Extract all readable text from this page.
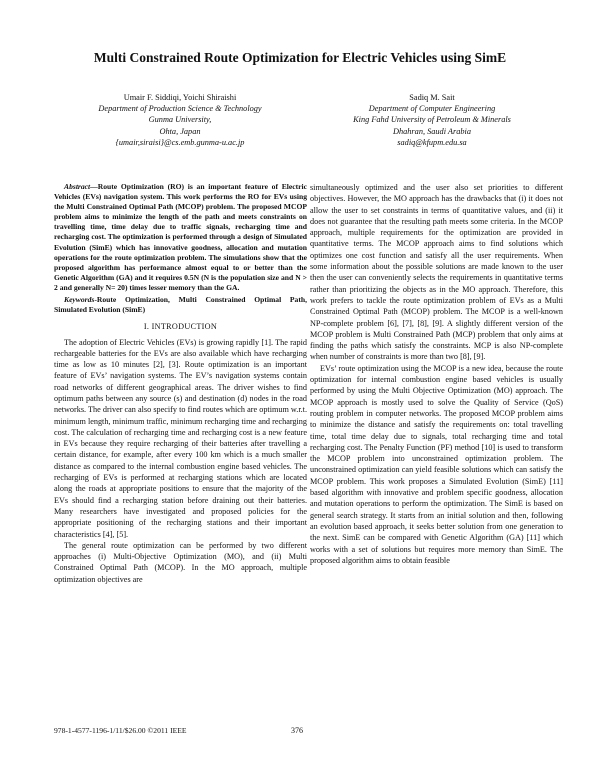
Multi Constrained Route Optimization for Electric Vehicles using SimE
Umair F. Siddiqi, Yoichi Shiraishi
Department of Production Science & Technology
Gunma University,
Ohta, Japan
{umair,siraisi}@cs.emb.gunma-u.ac.jp
Sadiq M. Sait
Department of Computer Engineering
King Fahd University of Petroleum & Minerals
Dhahran, Saudi Arabia
sadiq@kfupm.edu.sa

Abstract—Route Optimization (RO) is an important feature of Electric Vehicles (EVs) navigation system. This work performs the RO for EVs using the Multi Constrained Optimal Path (MCOP) problem. The proposed MCOP problem aims to minimize the length of the path and meets constraints on travelling time, time delay due to traffic signals, recharging time and recharging cost. The optimization is performed through a design of Simulated Evolution (SimE) which has innovative goodness, allocation and mutation operations for the route optimization problem. The simulations show that the proposed algorithm has performance almost equal to or better than the Genetic Algorithm (GA) and it requires 0.5N (N is the population size and N > 2 and generally N= 20) times lesser memory than the GA.

Keywords-Route Optimization, Multi Constrained Optimal Path, Simulated Evolution (SimE)

I. INTRODUCTION

The adoption of Electric Vehicles (EVs) is growing rapidly [1]. The rapid rechargeable batteries for the EVs are also available which have recharging time as low as 10 minutes [2], [3]. Route optimization is an important feature of EVs’ navigation systems. The EV’s navigation systems contain road networks of different geographical areas. The driver wishes to find optimum paths between any source (s) and destination (d) nodes in the road networks. The driver can also specify to find routes which are optimum w.r.t. minimum length, minimum traffic, minimum recharging time and recharging cost. The calculation of recharging time and recharging cost is a new feature in EVs because they require recharging of their batteries after travelling a certain distance, for example, after every 100 km which is a much smaller distance as compared to the internal combustion engine based vehicles. The recharging of EVs is performed at recharging stations which are located along the roads at appropriate positions to ensure that the majority of the EVs should find a recharging station before draining out their batteries. Many researchers have investigated and proposed policies for the appropriate positioning of the recharging stations and their important characteristics [4], [5].

The general route optimization can be performed by two different approaches (i) Multi-Objective Optimization (MO), and (ii) Multi Constrained Optimal Path (MCOP). In the MO approach, multiple optimization objectives are

simultaneously optimized and the user also set priorities to different objectives. However, the MO approach has the drawbacks that (i) it does not allow the user to set constraints in terms of quantitative values, and (ii) it does not guarantee that the resulting path meets some criteria. In the MCOP approach, multiple requirements for the optimization are provided in quantitative terms. The MCOP approach aims to find solutions which optimizes one cost function and satisfy all the user requirements. When some information about the possible solutions are made known to the user then the user can conveniently selects the requirements in quantitative terms rather than prioritizing the objects as in the MO approach. Therefore, this work prefers to tackle the route optimization problem of EVs as a Multi Constrained Optimal Path (MCOP) problem. The MCOP is a well-known NP-complete problem [6], [7], [8], [9]. A slightly different version of the MCOP problem is Multi Constrained Path (MCP) problem that only aims at finding the paths which satisfy the constraints. MCP is also NP-complete when number of constraints is more than two [8], [9].

EVs’ route optimization using the MCOP is a new idea, because the route optimization for internal combustion engine based vehicles is usually performed by using the Multi Objective Optimization (MO) approach. The MCOP approach is mostly used to solve the Quality of Service (QoS) routing problem in computer networks. The proposed MCOP problem aims to minimize the distance and satisfy the requirements on: total travelling time, total time delay due to signals, total recharging time and total recharging cost. The Penalty Function (PF) method [10] is used to transform the MCOP problem into unconstrained optimization problem. The unconstrained optimization can yield feasible solutions which can satisfy the MCOP problem. This work proposes a Simulated Evolution (SimE) [11] based algorithm with innovative and problem specific goodness, allocation and mutation operations to perform the optimization. The SimE is based on general search strategy. It starts from an initial solution and then, following an evolution based approach, it seeks better solution from one generation to the next. SimE can be compared with Genetic Algorithm (GA) [11] which works with a set of solutions but requires more memory than SimE. The proposed algorithm aims to obtain feasible

978-1-4577-1196-1/11/$26.00 ©2011 IEEE	376
